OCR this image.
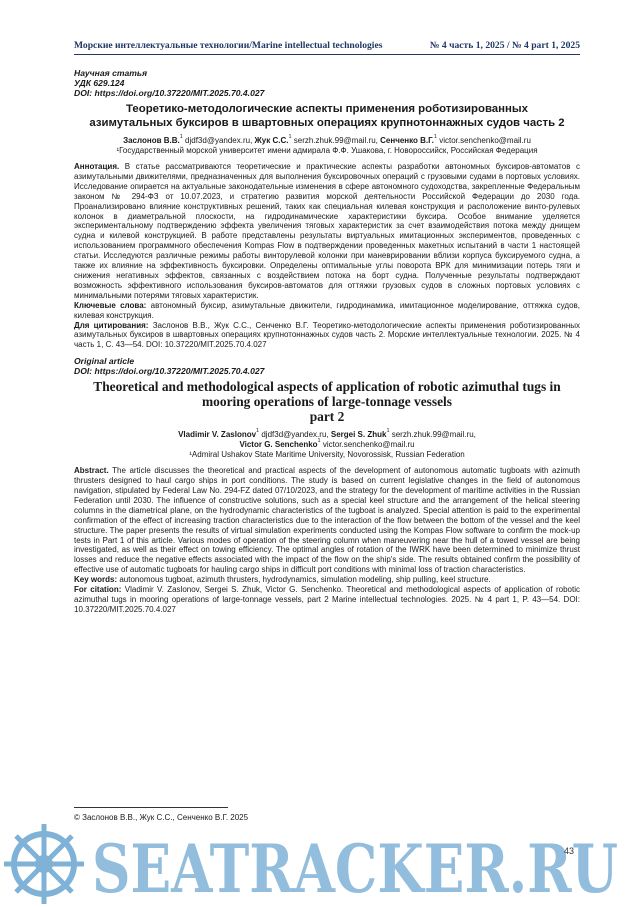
Морские интеллектуальные технологии/Marine intellectual technologies	№ 4 часть 1, 2025 / № 4 part 1, 2025
Научная статья
УДК 629.124
DOI: https://doi.org/10.37220/MIT.2025.70.4.027
Теоретико-методологические аспекты применения роботизированных азимутальных буксиров в швартовных операциях крупнотоннажных судов часть 2
Заслонов В.В.$^1$ djdf3d@yandex.ru, Жук С.С.$^1$ serzh.zhuk.99@mail.ru, Сенченко В.Г.$^1$ victor.senchenko@mail.ru
¹Государственный морской университет имени адмирала Ф.Ф. Ушакова, г. Новороссийск, Российская Федерация

Аннотация. В статье рассматриваются теоретические и практические аспекты разработки автономных буксиров-автоматов с азимутальными движителями, предназначенных для выполнения буксировочных операций с грузовыми судами в портовых условиях. Исследование опирается на актуальные законодательные изменения в сфере автономного судоходства, закрепленные Федеральным законом № 294-ФЗ от 10.07.2023, и стратегию развития морской деятельности Российской Федерации до 2030 года. Проанализировано влияние конструктивных решений, таких как специальная килевая конструкция и расположение винто-рулевых колонок в диаметральной плоскости, на гидродинамические характеристики буксира. Особое внимание уделяется экспериментальному подтверждению эффекта увеличения тяговых характеристик за счет взаимодействия потока между днищем судна и килевой конструкцией. В работе представлены результаты виртуальных имитационных экспериментов, проведенных с использованием программного обеспечения Kompas Flow в подтверждении проведенных макетных испытаний в части 1 настоящей статьи. Исследуются различные режимы работы винторулевой колонки при маневрировании вблизи корпуса буксируемого судна, а также их влияние на эффективность буксировки. Определены оптимальные углы поворота ВРК для минимизации потерь тяги и снижения негативных эффектов, связанных с воздействием потока на борт судна. Полученные результаты подтверждают возможность эффективного использования буксиров-автоматов для оттяжки грузовых судов в сложных портовых условиях с минимальными потерями тяговых характеристик.

Ключевые слова: автономный буксир, азимутальные движители, гидродинамика, имитационное моделирование, оттяжка судов, килевая конструкция.

Для цитирования: Заслонов В.В., Жук С.С., Сенченко В.Г. Теоретико-методологические аспекты применения роботизированных азимутальных буксиров в швартовных операциях крупнотоннажных судов часть 2. Морские интеллектуальные технологии. 2025. № 4 часть 1, С. 43—54. DOI: 10.37220/MIT.2025.70.4.027

Original article
DOI: https://doi.org/10.37220/MIT.2025.70.4.027
Theoretical and methodological aspects of application of robotic azimuthal tugs in mooring operations of large-tonnage vessels
part 2
Vladimir V. Zaslonov$^1$ djdf3d@yandex.ru, Sergei S. Zhuk$^1$ serzh.zhuk.99@mail.ru,
Victor G. Senchenko$^1$ victor.senchenko@mail.ru
¹Admiral Ushakov State Maritime University, Novorossisk, Russian Federation

Abstract. The article discusses the theoretical and practical aspects of the development of autonomous automatic tugboats with azimuth thrusters designed to haul cargo ships in port conditions. The study is based on current legislative changes in the field of autonomous navigation, stipulated by Federal Law No. 294-FZ dated 07/10/2023, and the strategy for the development of maritime activities in the Russian Federation until 2030. The influence of constructive solutions, such as a special keel structure and the arrangement of the helical steering columns in the diametrical plane, on the hydrodynamic characteristics of the tugboat is analyzed. Special attention is paid to the experimental confirmation of the effect of increasing traction characteristics due to the interaction of the flow between the bottom of the vessel and the keel structure. The paper presents the results of virtual simulation experiments conducted using the Kompas Flow software to confirm the mock-up tests in Part 1 of this article. Various modes of operation of the steering column when maneuvering near the hull of a towed vessel are being investigated, as well as their effect on towing efficiency. The optimal angles of rotation of the IWRK have been determined to minimize thrust losses and reduce the negative effects associated with the impact of the flow on the ship's side. The results obtained confirm the possibility of effective use of automatic tugboats for hauling cargo ships in difficult port conditions with minimal loss of traction characteristics.

Key words: autonomous tugboat, azimuth thrusters, hydrodynamics, simulation modeling, ship pulling, keel structure.

For citation: Vladimir V. Zaslonov, Sergei S. Zhuk, Victor G. Senchenko. Theoretical and methodological aspects of application of robotic azimuthal tugs in mooring operations of large-tonnage vessels, part 2 Marine intellectual technologies. 2025. № 4 part 1, P. 43—54. DOI: 10.37220/MIT.2025.70.4.027

© Заслонов В.В., Жук С.С., Сенченко В.Г. 2025
SEATRACKER.RU
43
